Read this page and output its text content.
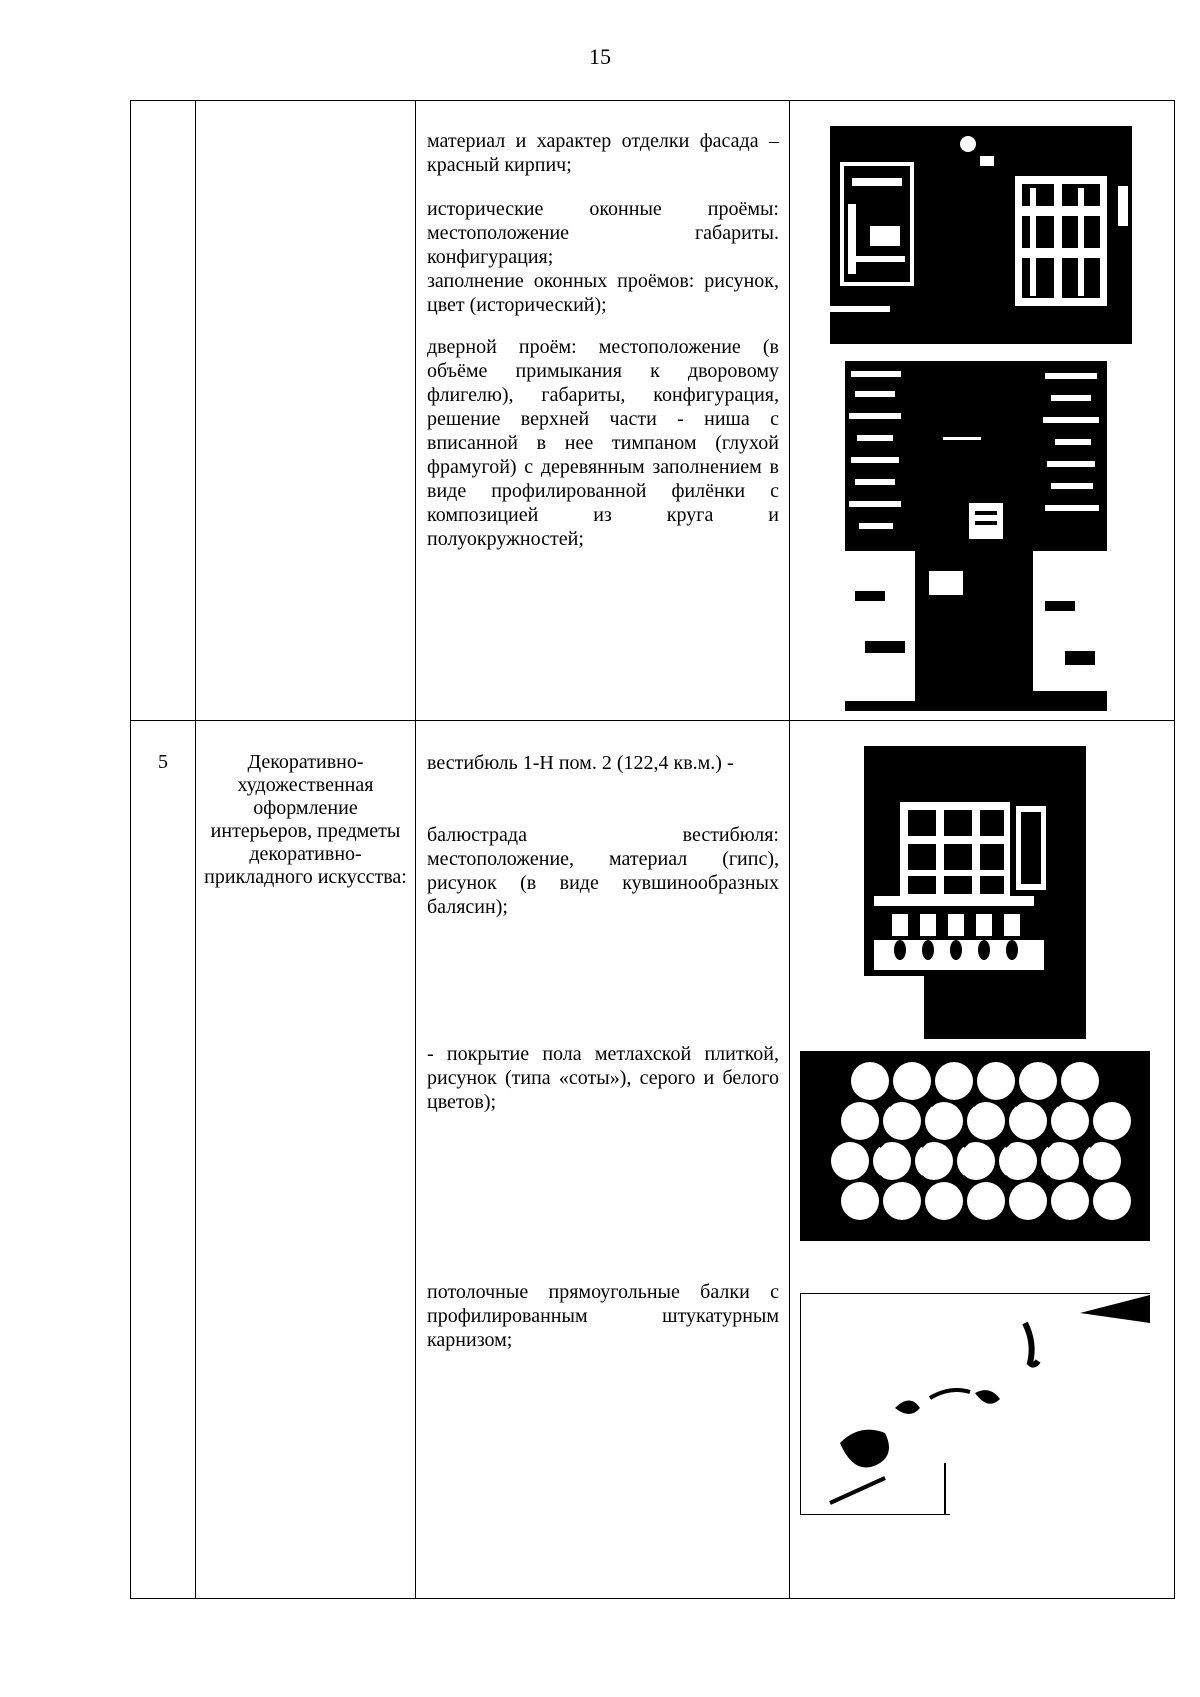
15

		материал и характер отделки фасада – красный кирпич;

исторические оконные проёмы: местоположение габариты. конфигурация;

заполнение оконных проёмов: рисунок, цвет (исторический);

дверной проём: местоположение (в объёме примыкания к дворовому флигелю), габариты, конфигурация, решение верхней части - ниша с вписанной в нее тимпаном (глухой фрамугой) с деревянным заполнением в виде профилированной филёнки с композицией из круга и полуокружностей;

5	Декоративно-художественная оформление интерьеров, предметы декоративно-прикладного искусства:	вестибюль 1-Н пом. 2 (122,4 кв.м.) -

балюстрада вестибюля: местоположение, материал (гипс), рисунок (в виде кувшинообразных балясин);

- покрытие пола метлахской плиткой, рисунок (типа «соты»), серого и белого цветов);

потолочные прямоугольные балки с профилированным штукатурным карнизом;
